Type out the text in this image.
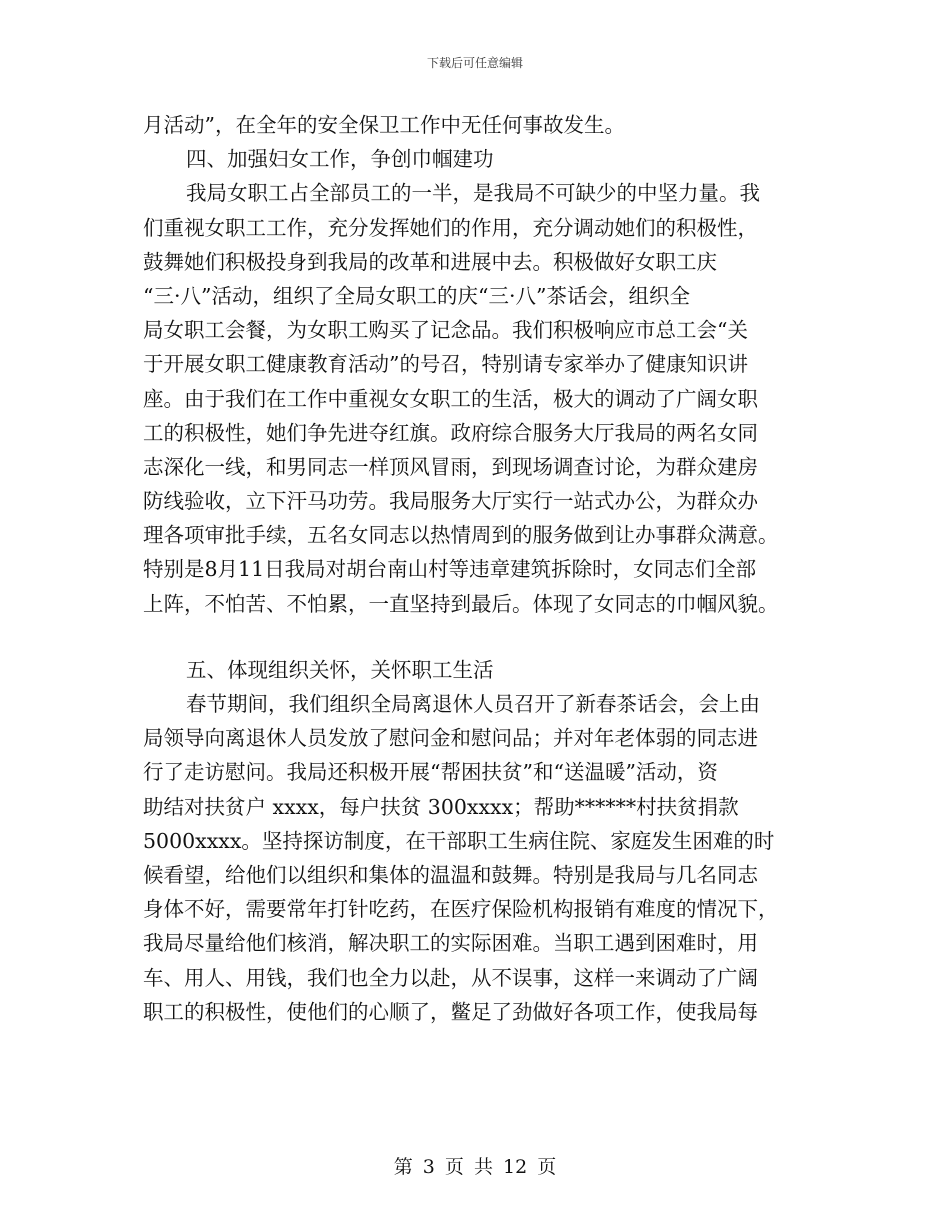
下载后可任意编辑
月活动”，在全年的安全保卫工作中无任何事故发生。
四、加强妇女工作，争创巾帼建功
我局女职工占全部员工的一半，是我局不可缺少的中坚力量。我
们重视女职工工作，充分发挥她们的作用，充分调动她们的积极性，
鼓舞她们积极投身到我局的改革和进展中去。积极做好女职工庆
“三·八”活动，组织了全局女职工的庆“三·八”茶话会，组织全
局女职工会餐，为女职工购买了记念品。我们积极响应市总工会“关
于开展女职工健康教育活动”的号召，特别请专家举办了健康知识讲
座。由于我们在工作中重视女女职工的生活，极大的调动了广阔女职
工的积极性，她们争先进夺红旗。政府综合服务大厅我局的两名女同
志深化一线，和男同志一样顶风冒雨，到现场调查讨论，为群众建房
防线验收，立下汗马功劳。我局服务大厅实行一站式办公，为群众办
理各项审批手续，五名女同志以热情周到的服务做到让办事群众满意。
特别是8月11日我局对胡台南山村等违章建筑拆除时，女同志们全部
上阵，不怕苦、不怕累，一直坚持到最后。体现了女同志的巾帼风貌。
五、体现组织关怀，关怀职工生活
春节期间，我们组织全局离退休人员召开了新春茶话会，会上由
局领导向离退休人员发放了慰问金和慰问品；并对年老体弱的同志进
行了走访慰问。我局还积极开展“帮困扶贫”和“送温暖”活动，资
助结对扶贫户 xxxx，每户扶贫 300xxxx；帮助******村扶贫捐款
5000xxxx。坚持探访制度，在干部职工生病住院、家庭发生困难的时
候看望，给他们以组织和集体的温温和鼓舞。特别是我局与几名同志
身体不好，需要常年打针吃药，在医疗保险机构报销有难度的情况下，
我局尽量给他们核消，解决职工的实际困难。当职工遇到困难时，用
车、用人、用钱，我们也全力以赴，从不误事，这样一来调动了广阔
职工的积极性，使他们的心顺了，鳖足了劲做好各项工作，使我局每
第 3 页 共 12 页
